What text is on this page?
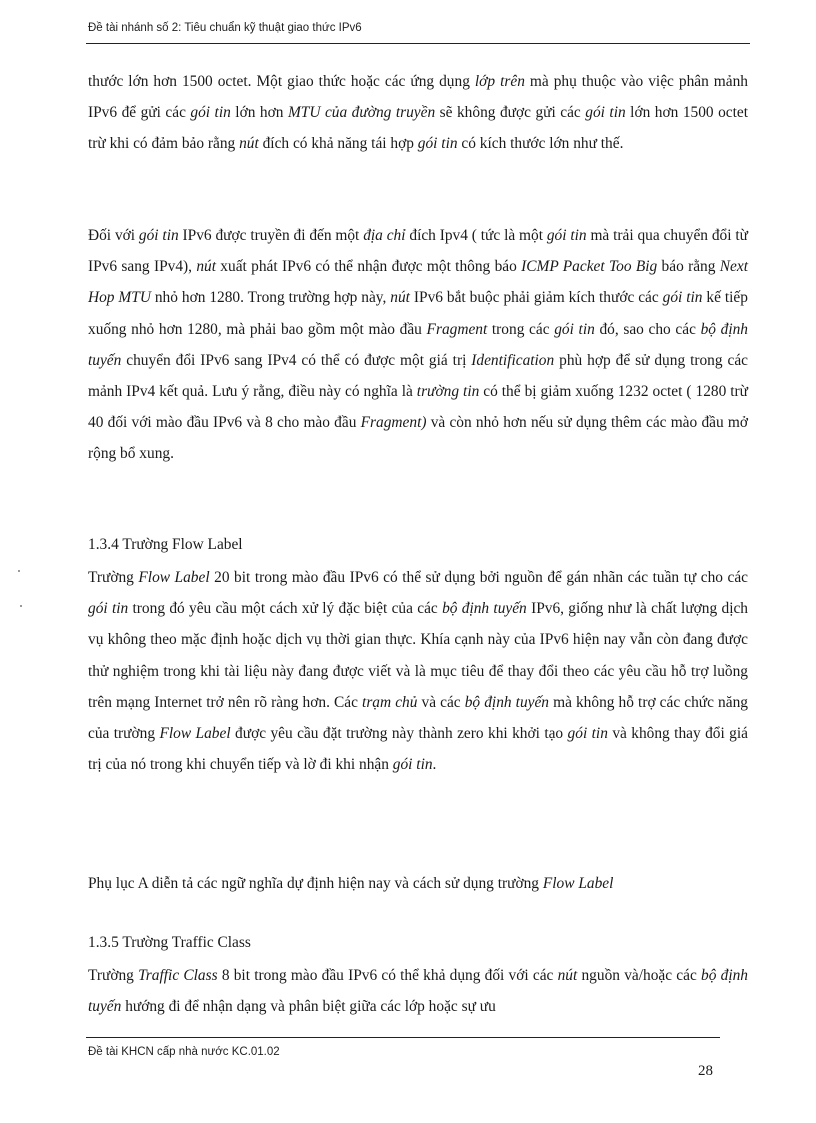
Đề tài nhánh số 2: Tiêu chuẩn kỹ thuật giao thức IPv6

thước lớn hơn 1500 octet. Một giao thức hoặc các ứng dụng lớp trên mà phụ thuộc vào việc phân mảnh IPv6 để gửi các gói tin lớn hơn MTU của đường truyền sẽ không được gửi các gói tin lớn hơn 1500 octet trừ khi có đảm bảo rằng nút đích có khả năng tái hợp gói tin có kích thước lớn như thế.

Đối với gói tin IPv6 được truyền đi đến một địa chỉ đích Ipv4 ( tức là một gói tin mà trải qua chuyển đổi từ IPv6 sang IPv4), nút xuất phát IPv6 có thể nhận được một thông báo ICMP Packet Too Big báo rằng Next Hop MTU nhỏ hơn 1280. Trong trường hợp này, nút IPv6 bắt buộc phải giảm kích thước các gói tin kế tiếp xuống nhỏ hơn 1280, mà phải bao gồm một mào đầu Fragment trong các gói tin đó, sao cho các bộ định tuyến chuyển đổi IPv6 sang IPv4 có thể có được một giá trị Identification phù hợp để sử dụng trong các mảnh IPv4 kết quả. Lưu ý rằng, điều này có nghĩa là trường tin có thể bị giảm xuống 1232 octet ( 1280 trừ 40 đối với mào đầu IPv6 và 8 cho mào đầu Fragment) và còn nhỏ hơn nếu sử dụng thêm các mào đầu mở rộng bổ xung.

1.3.4 Trường Flow Label

Trường Flow Label 20 bit trong mào đầu IPv6 có thể sử dụng bởi nguồn để gán nhãn các tuần tự cho các gói tin trong đó yêu cầu một cách xử lý đặc biệt của các bộ định tuyến IPv6, giống như là chất lượng dịch vụ không theo mặc định hoặc dịch vụ thời gian thực. Khía cạnh này của IPv6 hiện nay vẫn còn đang được thử nghiệm trong khi tài liệu này đang được viết và là mục tiêu để thay đổi theo các yêu cầu hỗ trợ luồng trên mạng Internet trở nên rõ ràng hơn. Các trạm chủ và các bộ định tuyến mà không hỗ trợ các chức năng của trường Flow Label được yêu cầu đặt trường này thành zero khi khởi tạo gói tin và không thay đổi giá trị của nó trong khi chuyển tiếp và lờ đi khi nhận gói tin.

Phụ lục A diễn tả các ngữ nghĩa dự định hiện nay và cách sử dụng trường Flow Label

1.3.5 Trường Traffic Class

Trường Traffic Class 8 bit trong mào đầu IPv6 có thể khả dụng đối với các nút nguồn và/hoặc các bộ định tuyến hướng đi để nhận dạng và phân biệt giữa các lớp hoặc sự ưu

Đề tài KHCN cấp nhà nước KC.01.02
28
